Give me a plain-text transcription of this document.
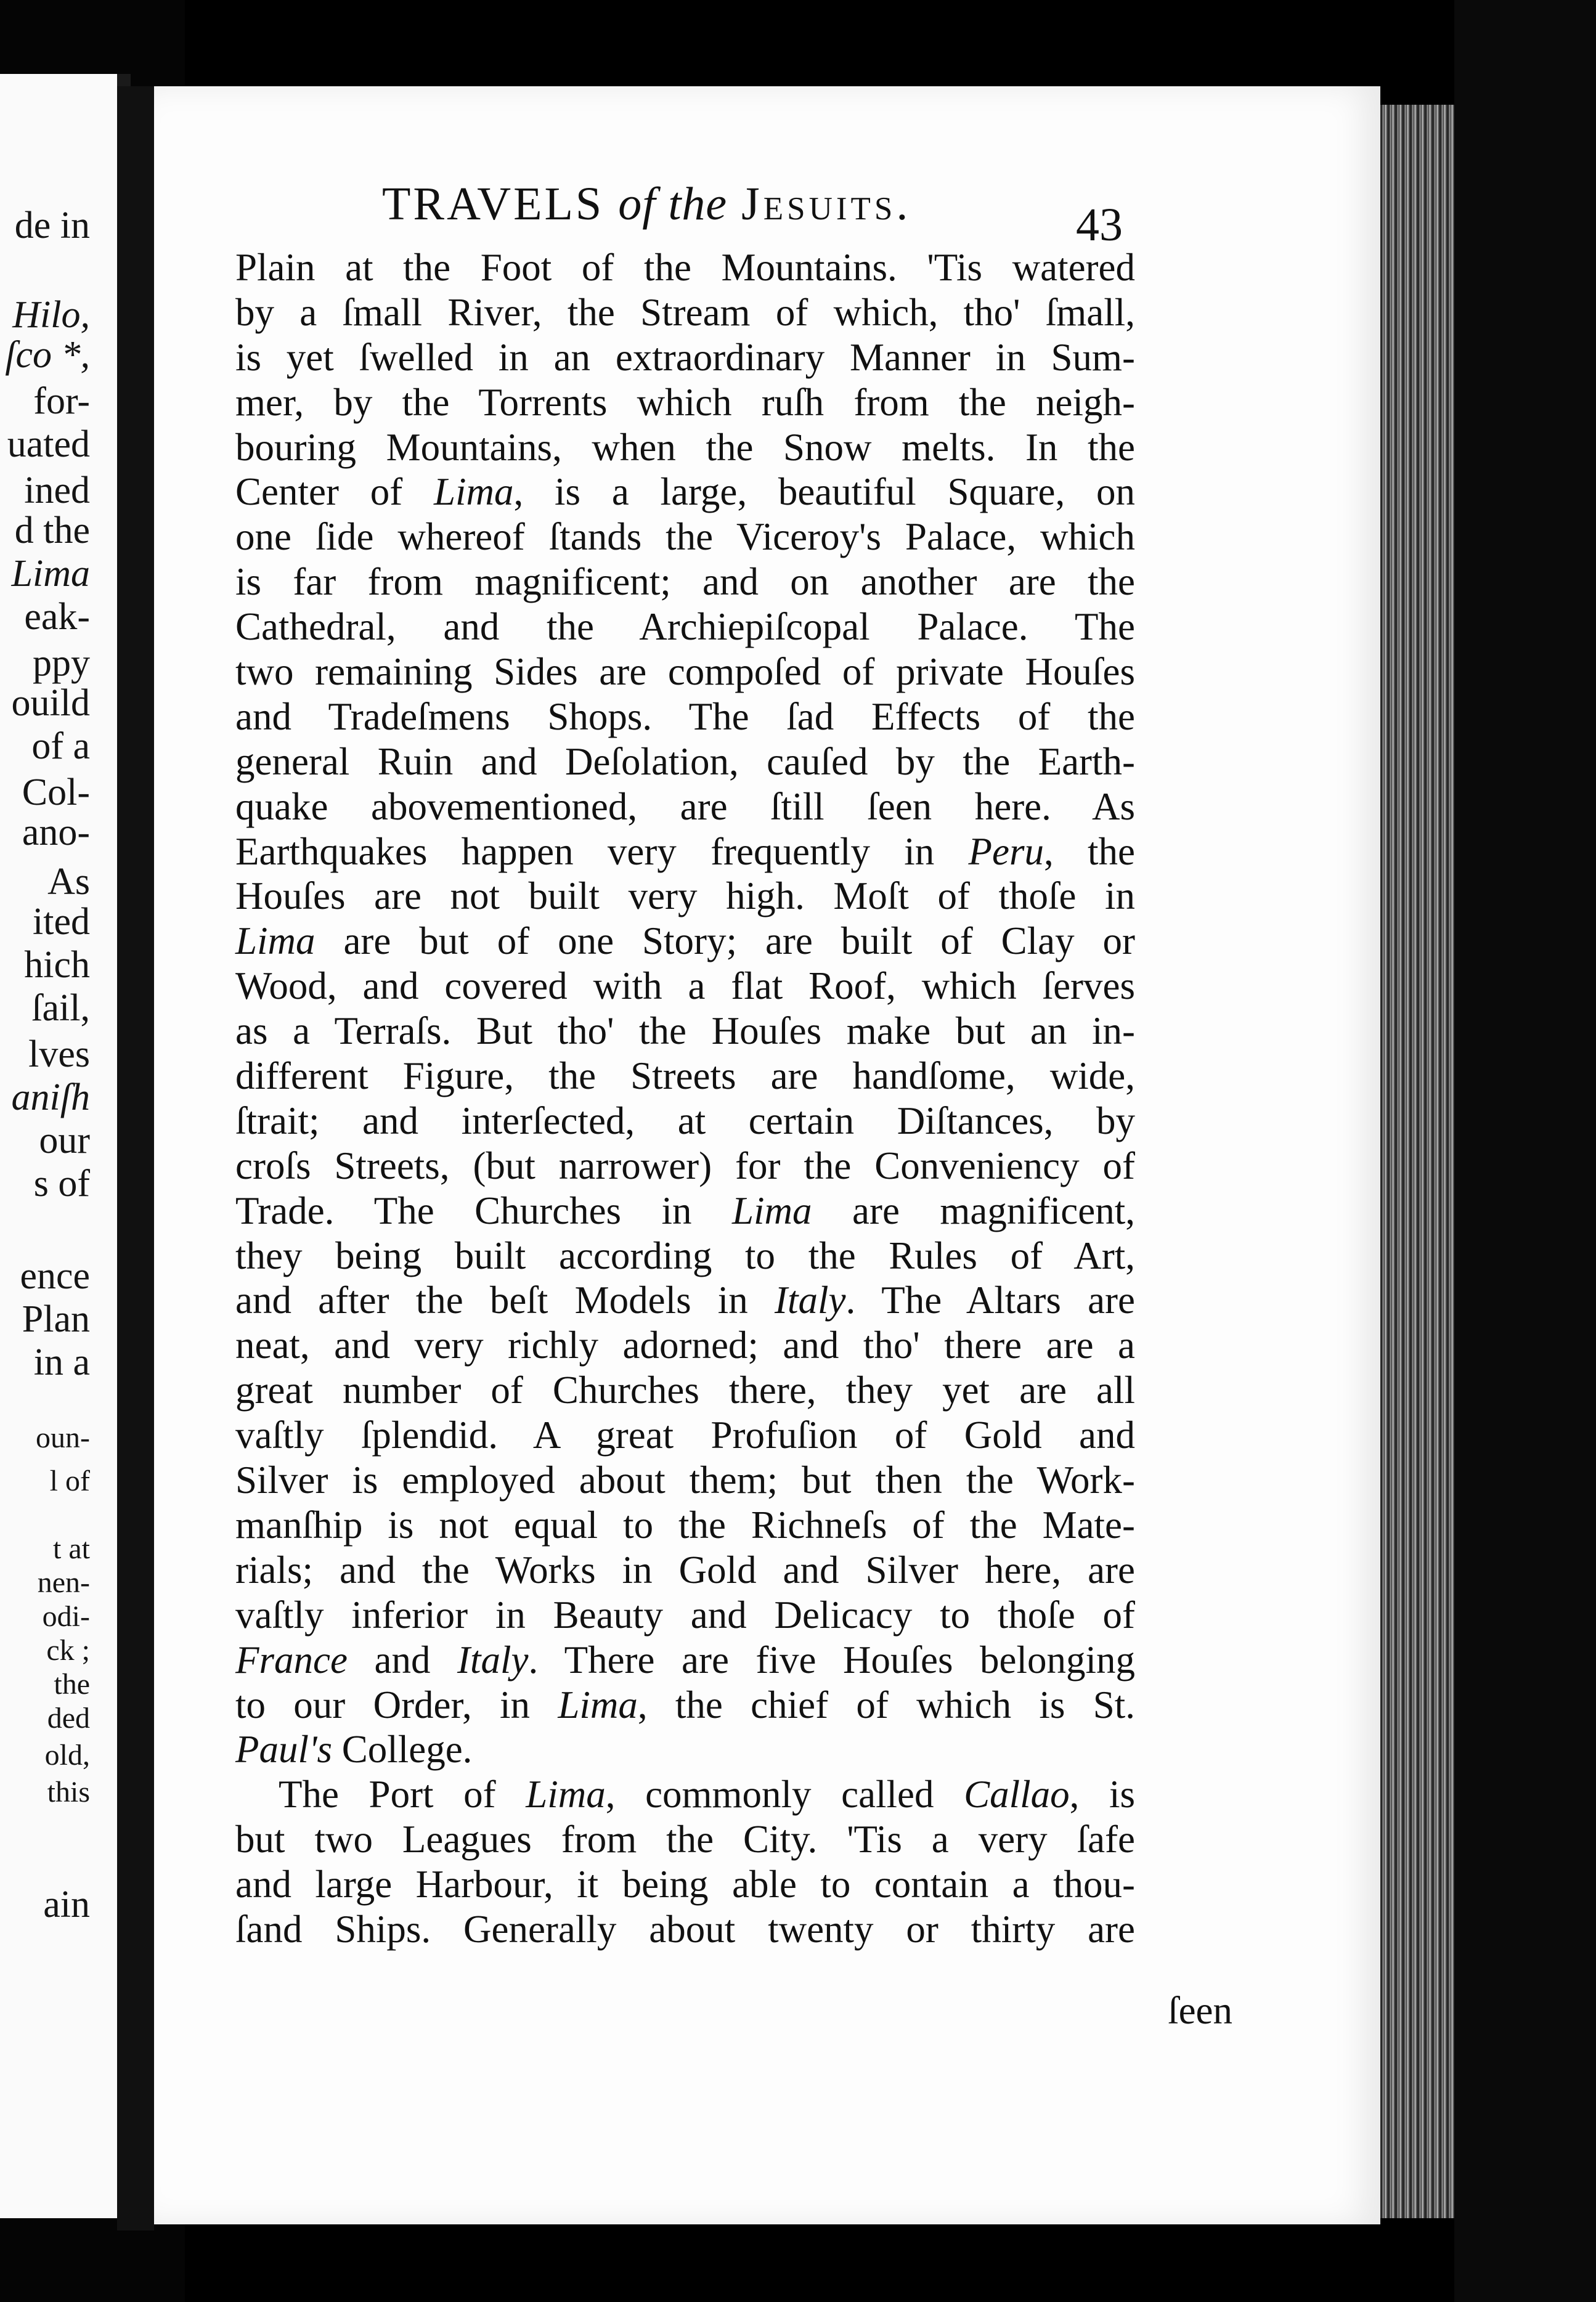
de in
Hilo,
ſco *,
for-
uated
ined
d the
Lima
eak-
ppy
ouild
of a
Col-
ano-
As
ited
hich
ſail,
lves
aniſh
our
s of
ence
Plan
in a
oun-
l of
t at
nen-
odi-
ck ;
the
ded
old,
this
ain
TRAVELS of the Jesuits.	43
Plain at the Foot of the Mountains. 'Tis watered
by a ſmall River, the Stream of which, tho' ſmall,
is yet ſwelled in an extraordinary Manner in Sum-
mer, by the Torrents which ruſh from the neigh-
bouring Mountains, when the Snow melts. In the
Center of Lima, is a large, beautiful Square, on
one ſide whereof ſtands the Viceroy's Palace, which
is far from magnificent; and on another are the
Cathedral, and the Archiepiſcopal Palace. The
two remaining Sides are compoſed of private Houſes
and Tradeſmens Shops. The ſad Effects of the
general Ruin and Deſolation, cauſed by the Earth-
quake abovementioned, are ſtill ſeen here. As
Earthquakes happen very frequently in Peru, the
Houſes are not built very high. Moſt of thoſe in
Lima are but of one Story; are built of Clay or
Wood, and covered with a flat Roof, which ſerves
as a Terraſs. But tho' the Houſes make but an in-
different Figure, the Streets are handſome, wide,
ſtrait; and interſected, at certain Diſtances, by
croſs Streets, (but narrower) for the Conveniency of
Trade. The Churches in Lima are magnificent,
they being built according to the Rules of Art,
and after the beſt Models in Italy. The Altars are
neat, and very richly adorned; and tho' there are a
great number of Churches there, they yet are all
vaſtly ſplendid. A great Profuſion of Gold and
Silver is employed about them; but then the Work-
manſhip is not equal to the Richneſs of the Mate-
rials; and the Works in Gold and Silver here, are
vaſtly inferior in Beauty and Delicacy to thoſe of
France and Italy. There are five Houſes belonging
to our Order, in Lima, the chief of which is St.
Paul's College.
The Port of Lima, commonly called Callao, is
but two Leagues from the City. 'Tis a very ſafe
and large Harbour, it being able to contain a thou-
ſand Ships. Generally about twenty or thirty are
ſeen
